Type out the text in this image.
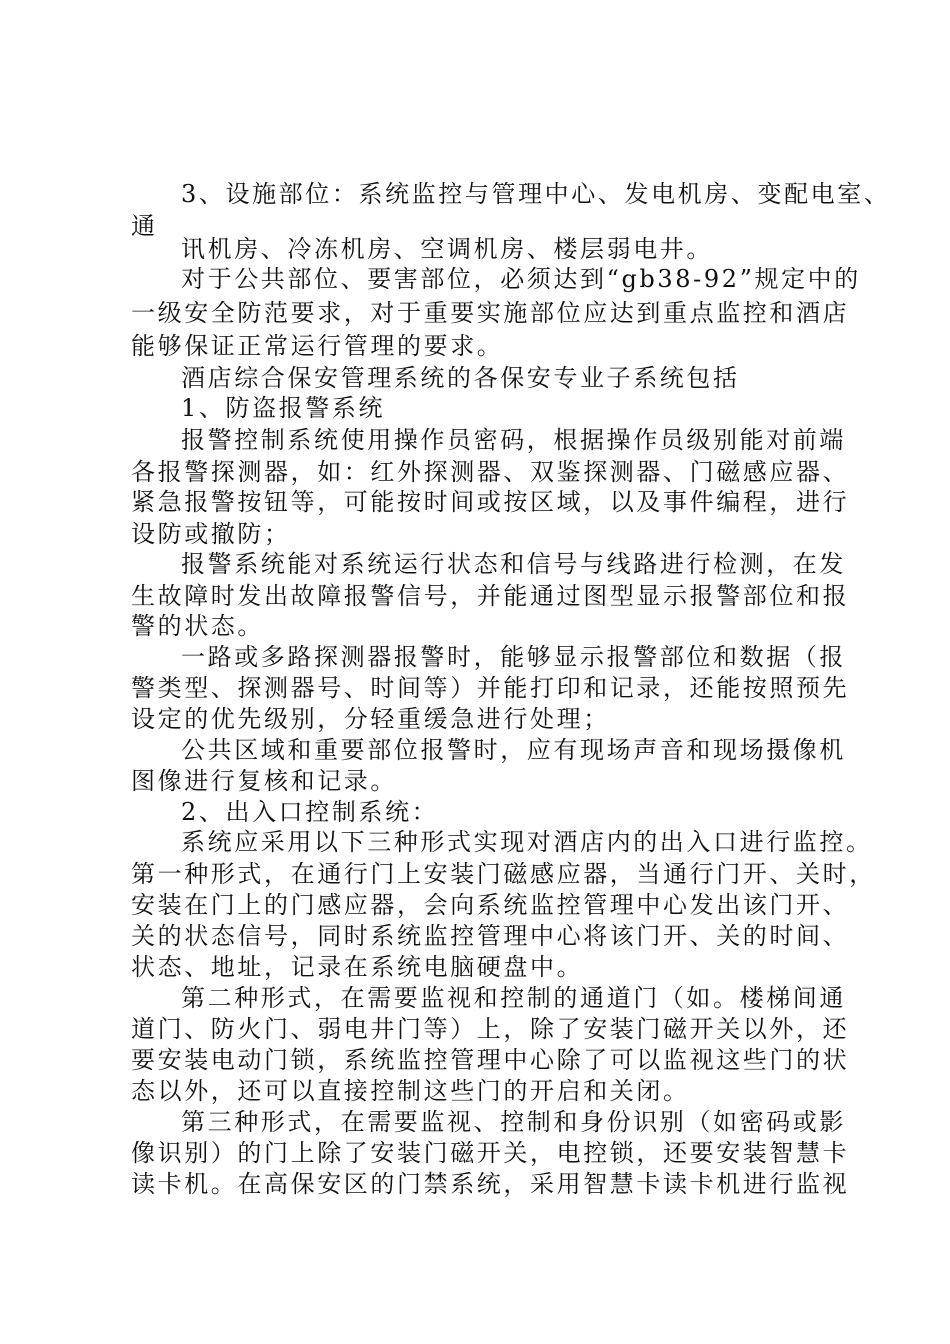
3、设施部位：系统监控与管理中心、发电机房、变配电室、

通

讯机房、冷冻机房、空调机房、楼层弱电井。

对于公共部位、要害部位，必须达到“gb38-92”规定中的

一级安全防范要求，对于重要实施部位应达到重点监控和酒店

能够保证正常运行管理的要求。

酒店综合保安管理系统的各保安专业子系统包括

1、防盗报警系统

报警控制系统使用操作员密码，根据操作员级别能对前端

各报警探测器，如：红外探测器、双鉴探测器、门磁感应器、

紧急报警按钮等，可能按时间或按区域，以及事件编程，进行

设防或撤防；

报警系统能对系统运行状态和信号与线路进行检测，在发

生故障时发出故障报警信号，并能通过图型显示报警部位和报

警的状态。

一路或多路探测器报警时，能够显示报警部位和数据（报

警类型、探测器号、时间等）并能打印和记录，还能按照预先

设定的优先级别，分轻重缓急进行处理；

公共区域和重要部位报警时，应有现场声音和现场摄像机

图像进行复核和记录。

2、出入口控制系统：

系统应采用以下三种形式实现对酒店内的出入口进行监控。

第一种形式，在通行门上安装门磁感应器，当通行门开、关时，

安装在门上的门感应器，会向系统监控管理中心发出该门开、

关的状态信号，同时系统监控管理中心将该门开、关的时间、

状态、地址，记录在系统电脑硬盘中。

第二种形式，在需要监视和控制的通道门（如。楼梯间通

道门、防火门、弱电井门等）上，除了安装门磁开关以外，还

要安装电动门锁，系统监控管理中心除了可以监视这些门的状

态以外，还可以直接控制这些门的开启和关闭。

第三种形式，在需要监视、控制和身份识别（如密码或影

像识别）的门上除了安装门磁开关，电控锁，还要安装智慧卡

读卡机。在高保安区的门禁系统，采用智慧卡读卡机进行监视
